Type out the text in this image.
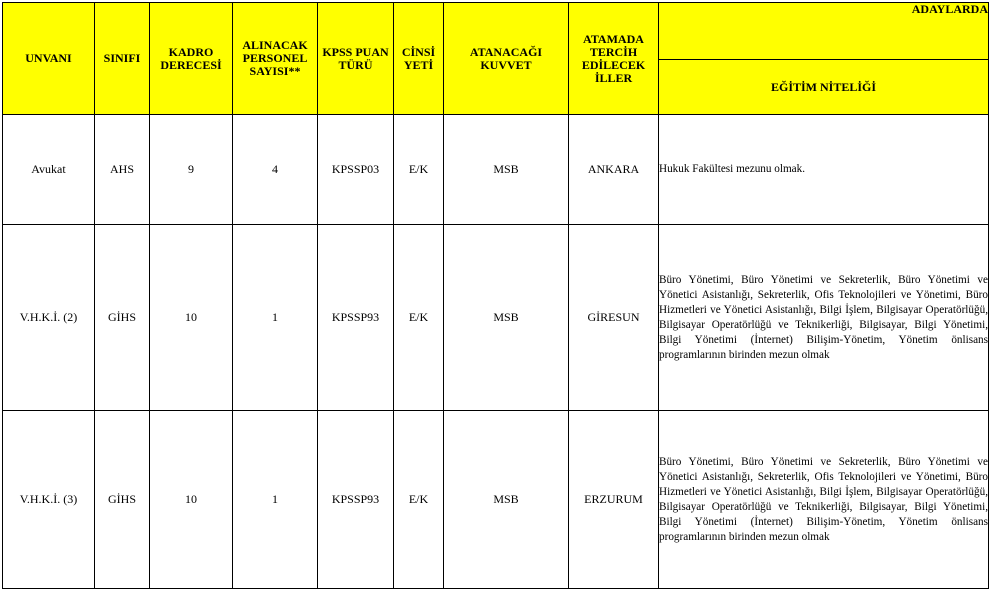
UNVANI	SINIFI	KADRO DERECESİ	ALINACAK PERSONEL SAYISI**	KPSS PUAN TÜRÜ	CİNSİ YETİ	ATANACAĞI KUVVET	ATAMADA TERCİH EDİLECEK İLLER	ADAYLARDA
								EĞİTİM NİTELİĞİ
Avukat	AHS	9	4	KPSSP03	E/K	MSB	ANKARA	Hukuk Fakültesi mezunu olmak.
V.H.K.İ. (2)	GİHS	10	1	KPSSP93	E/K	MSB	GİRESUN	Büro Yönetimi, Büro Yönetimi ve Sekreterlik, Büro Yönetimi ve Yönetici Asistanlığı, Sekreterlik, Ofis Teknolojileri ve Yönetimi, Büro Hizmetleri ve Yönetici Asistanlığı, Bilgi İşlem, Bilgisayar Operatörlüğü, Bilgisayar Operatörlüğü ve Teknikerliği, Bilgisayar, Bilgi Yönetimi, Bilgi Yönetimi (İnternet) Bilişim-Yönetim, Yönetim önlisans programlarının birinden mezun olmak
V.H.K.İ. (3)	GİHS	10	1	KPSSP93	E/K	MSB	ERZURUM	Büro Yönetimi, Büro Yönetimi ve Sekreterlik, Büro Yönetimi ve Yönetici Asistanlığı, Sekreterlik, Ofis Teknolojileri ve Yönetimi, Büro Hizmetleri ve Yönetici Asistanlığı, Bilgi İşlem, Bilgisayar Operatörlüğü, Bilgisayar Operatörlüğü ve Teknikerliği, Bilgisayar, Bilgi Yönetimi, Bilgi Yönetimi (İnternet) Bilişim-Yönetim, Yönetim önlisans programlarının birinden mezun olmak
